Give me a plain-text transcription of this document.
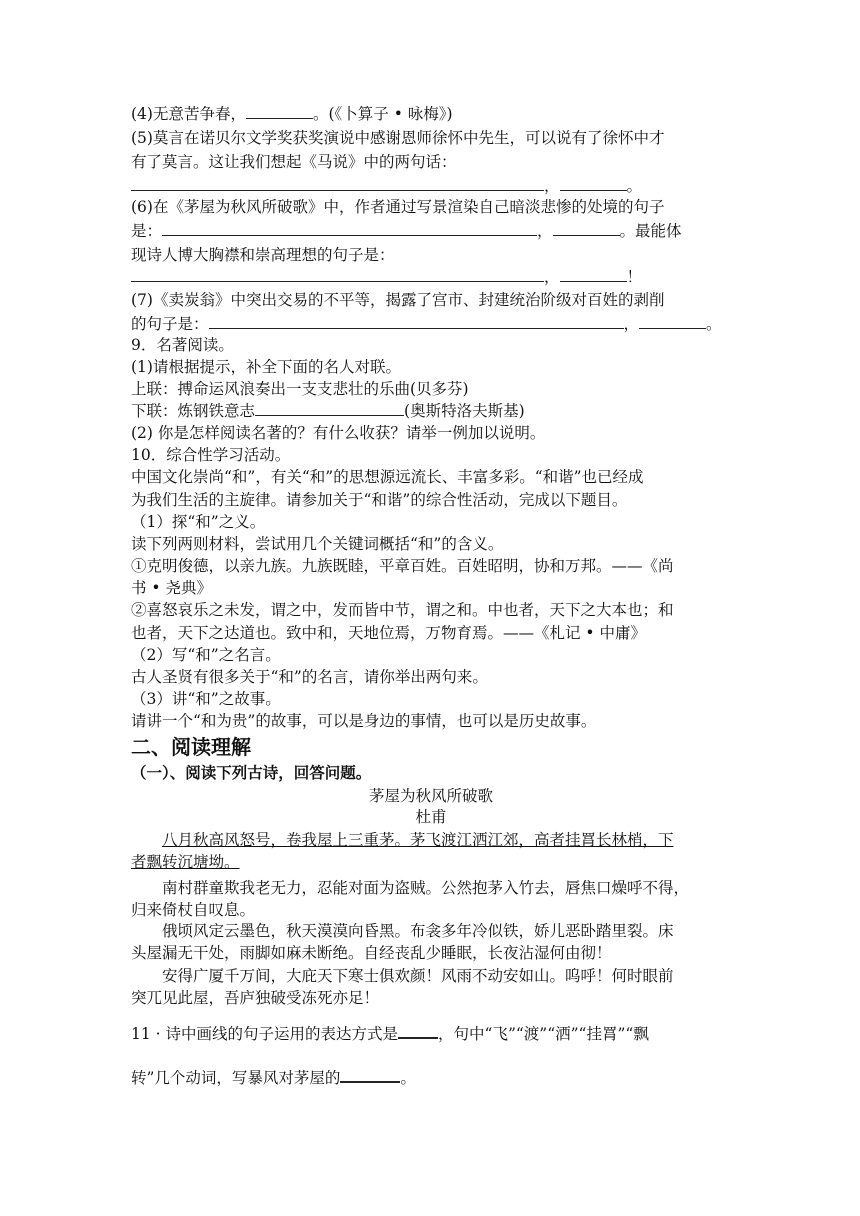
(4)无意苦争春，	。(《卜算子 • 咏梅》)
(5)莫言在诺贝尔文学奖获奖演说中感谢恩师徐怀中先生，可以说有了徐怀中才
有了莫言。这让我们想起《马说》中的两句话：
，	。
(6)在《茅屋为秋风所破歌》中，作者通过写景渲染自己暗淡悲惨的处境的句子
是：	，	。最能体
现诗人博大胸襟和崇高理想的句子是：
，	！
(7)《卖炭翁》中突出交易的不平等，揭露了宫市、封建统治阶级对百姓的剥削
的句子是：	，	。
9．名著阅读。
(1)请根据提示，补全下面的名人对联。
上联：搏命运风浪奏出一支支悲壮的乐曲(贝多芬)
下联：炼钢铁意志	(奥斯特洛夫斯基)
(2) 你是怎样阅读名著的？有什么收获？请举一例加以说明。
10．综合性学习活动。
中国文化崇尚“和”，有关“和”的思想源远流长、丰富多彩。“和谐”也已经成
为我们生活的主旋律。请参加关于“和谐”的综合性活动，完成以下题目。
（1）探“和”之义。
读下列两则材料，尝试用几个关键词概括“和”的含义。
①克明俊德，以亲九族。九族既睦，平章百姓。百姓昭明，协和万邦。——《尚
书 • 尧典》
②喜怒哀乐之未发，谓之中，发而皆中节，谓之和。中也者，天下之大本也；和
也者，天下之达道也。致中和，天地位焉，万物育焉。——《札记 • 中庸》
（2）写“和”之名言。
古人圣贤有很多关于“和”的名言，请你举出两句来。
（3）讲“和”之故事。
请讲一个“和为贵”的故事，可以是身边的事情，也可以是历史故事。
二、阅读理解
（一）、阅读下列古诗，回答问题。
茅屋为秋风所破歌
杜甫
八月秋高风怒号，卷我屋上三重茅。茅飞渡江洒江郊，高者挂罥长林梢，下
者飘转沉塘坳。
南村群童欺我老无力，忍能对面为盗贼。公然抱茅入竹去，唇焦口燥呼不得，
归来倚杖自叹息。
俄顷风定云墨色，秋天漠漠向昏黑。布衾多年冷似铁，娇儿恶卧踏里裂。床
头屋漏无干处，雨脚如麻未断绝。自经丧乱少睡眠，长夜沾湿何由彻！
安得广厦千万间，大庇天下寒士俱欢颜！风雨不动安如山。呜呼！何时眼前
突兀见此屋，吾庐独破受冻死亦足！
11 · 诗中画线的句子运用的表达方式是	，句中“飞”“渡”“洒”“挂罥”“飘
转”几个动词，写暴风对茅屋的	。
